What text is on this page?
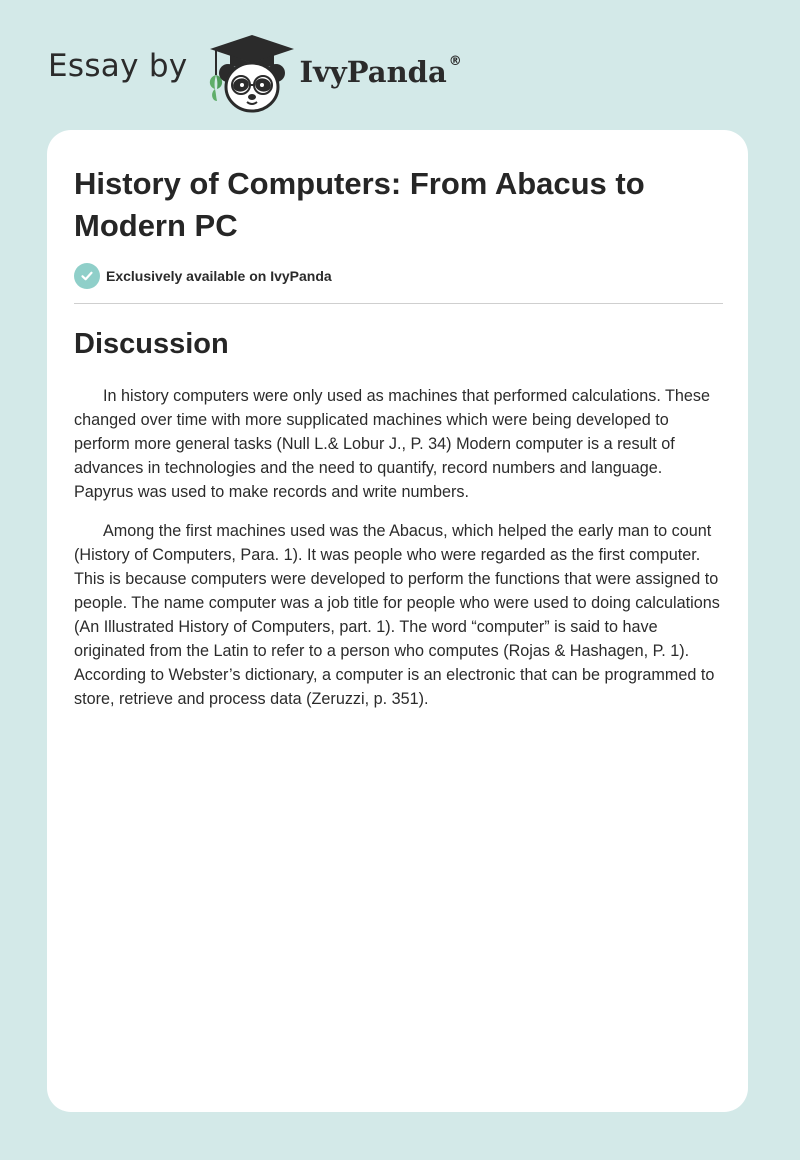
Essay by	IvyPanda ®
History of Computers: From Abacus to Modern PC
Exclusively available on IvyPanda
Discussion

In history computers were only used as machines that performed calculations. These changed over time with more supplicated machines which were being developed to perform more general tasks (Null L.& Lobur J., P. 34) Modern computer is a result of advances in technologies and the need to quantify, record numbers and language. Papyrus was used to make records and write numbers.

Among the first machines used was the Abacus, which helped the early man to count (History of Computers, Para. 1). It was people who were regarded as the first computer. This is because computers were developed to perform the functions that were assigned to people. The name computer was a job title for people who were used to doing calculations (An Illustrated History of Computers, part. 1). The word “computer” is said to have originated from the Latin to refer to a person who computes (Rojas & Hashagen, P. 1). According to Webster’s dictionary, a computer is an electronic that can be programmed to store, retrieve and process data (Zeruzzi, p. 351).
